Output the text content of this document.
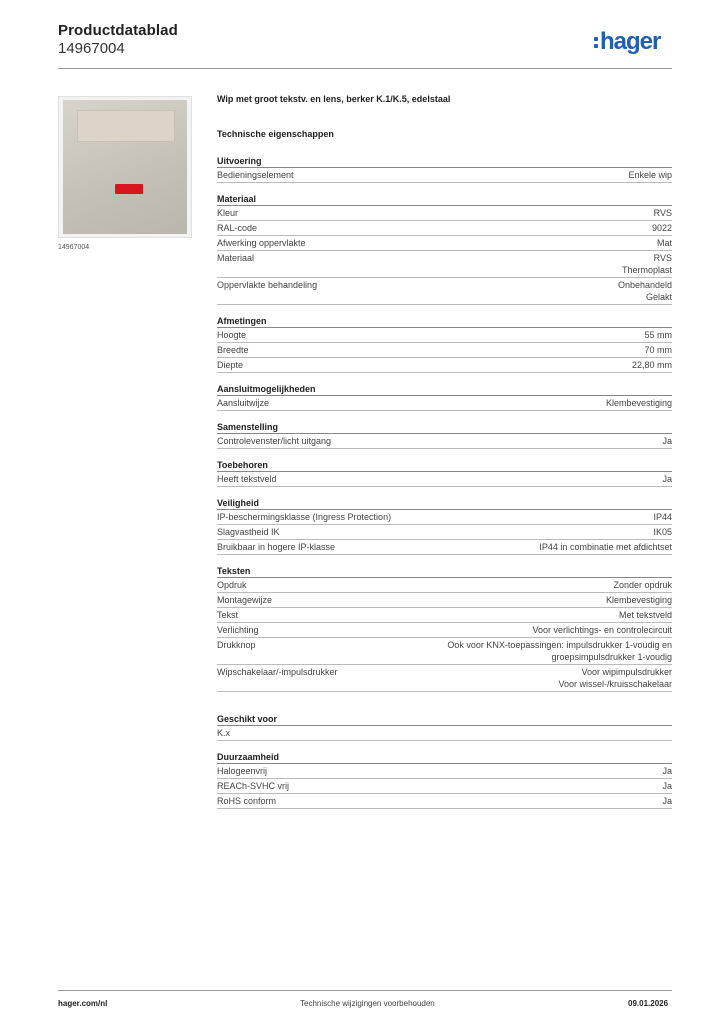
Productdatablad
14967004	hager
14967004
Wip met groot tekstv. en lens, berker K.1/K.5, edelstaal
Technische eigenschappen
Uitvoering
Bedieningselement	Enkele wip
Materiaal
Kleur	RVS
RAL-code	9022
Afwerking oppervlakte	Mat
Materiaal	RVS
Thermoplast
Oppervlakte behandeling	Onbehandeld
Gelakt
Afmetingen
Hoogte	55 mm
Breedte	70 mm
Diepte	22,80 mm
Aansluitmogelijkheden
Aansluitwijze	Klembevestiging
Samenstelling
Controlevenster/licht uitgang	Ja
Toebehoren
Heeft tekstveld	Ja
Veiligheid
IP-beschermingsklasse (Ingress Protection)	IP44
Slagvastheid IK	IK05
Bruikbaar in hogere IP-klasse	IP44 in combinatie met afdichtset
Teksten
Opdruk	Zonder opdruk
Montagewijze	Klembevestiging
Tekst	Met tekstveld
Verlichting	Voor verlichtings- en controlecircuit
Drukknop	Ook voor KNX-toepassingen: impulsdrukker 1-voudig en
groepsimpulsdrukker 1-voudig
Wipschakelaar/-impulsdrukker	Voor wipimpulsdrukker
Voor wissel-/kruisschakelaar
Geschikt voor
K.x
Duurzaamheid
Halogeenvrij	Ja
REACh-SVHC vrij	Ja
RoHS conform	Ja
hager.com/nl	Technische wijzigingen voorbehouden	09.01.2026
